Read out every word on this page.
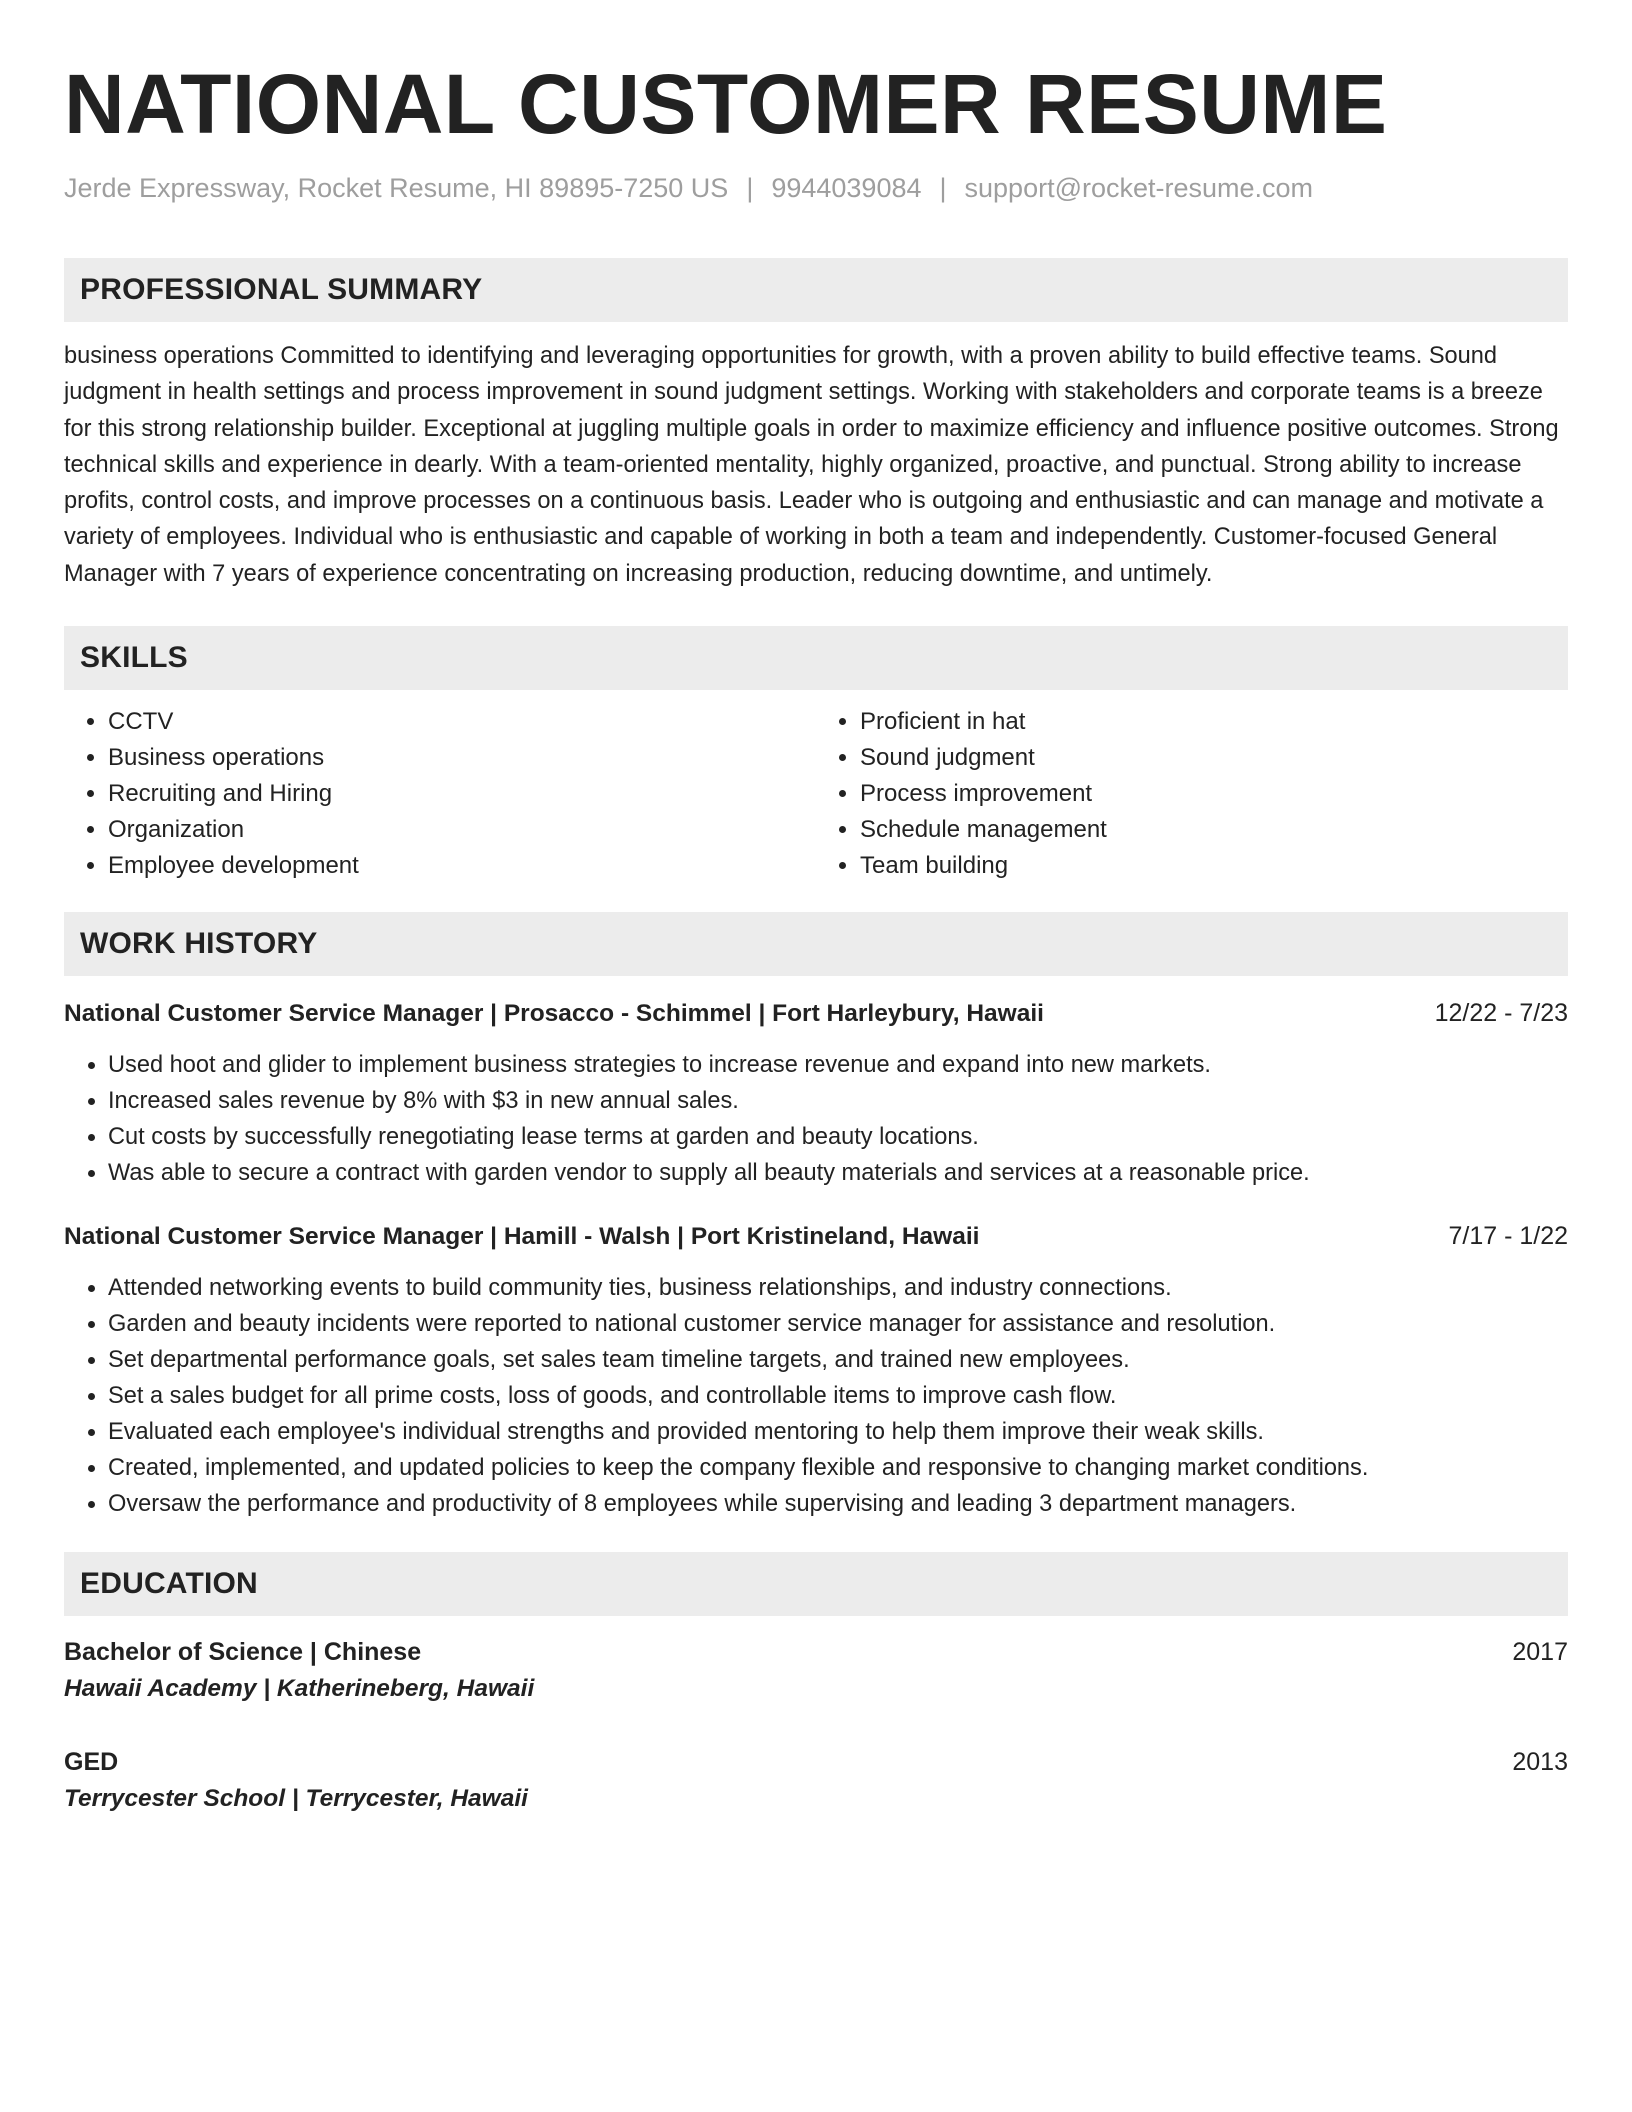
NATIONAL CUSTOMER RESUME
Jerde Expressway, Rocket Resume, HI 89895-7250 US | 9944039084 | support@rocket-resume.com
PROFESSIONAL SUMMARY

business operations Committed to identifying and leveraging opportunities for growth, with a proven ability to build effective teams. Sound judgment in health settings and process improvement in sound judgment settings. Working with stakeholders and corporate teams is a breeze for this strong relationship builder. Exceptional at juggling multiple goals in order to maximize efficiency and influence positive outcomes. Strong technical skills and experience in dearly. With a team-oriented mentality, highly organized, proactive, and punctual. Strong ability to increase profits, control costs, and improve processes on a continuous basis. Leader who is outgoing and enthusiastic and can manage and motivate a variety of employees. Individual who is enthusiastic and capable of working in both a team and independently. Customer-focused General Manager with 7 years of experience concentrating on increasing production, reducing downtime, and untimely.

SKILLS
• CCTV
• Business operations
• Recruiting and Hiring
• Organization
• Employee development
• Proficient in hat
• Sound judgment
• Process improvement
• Schedule management
• Team building
WORK HISTORY
National Customer Service Manager | Prosacco - Schimmel | Fort Harleybury, Hawaii	12/22 - 7/23
• Used hoot and glider to implement business strategies to increase revenue and expand into new markets.
• Increased sales revenue by 8% with $3 in new annual sales.
• Cut costs by successfully renegotiating lease terms at garden and beauty locations.
• Was able to secure a contract with garden vendor to supply all beauty materials and services at a reasonable price.
National Customer Service Manager | Hamill - Walsh | Port Kristineland, Hawaii	7/17 - 1/22
• Attended networking events to build community ties, business relationships, and industry connections.
• Garden and beauty incidents were reported to national customer service manager for assistance and resolution.
• Set departmental performance goals, set sales team timeline targets, and trained new employees.
• Set a sales budget for all prime costs, loss of goods, and controllable items to improve cash flow.
• Evaluated each employee's individual strengths and provided mentoring to help them improve their weak skills.
• Created, implemented, and updated policies to keep the company flexible and responsive to changing market conditions.
• Oversaw the performance and productivity of 8 employees while supervising and leading 3 department managers.
EDUCATION
Bachelor of Science | Chinese	2017
Hawaii Academy | Katherineberg, Hawaii
GED	2013
Terrycester School | Terrycester, Hawaii
